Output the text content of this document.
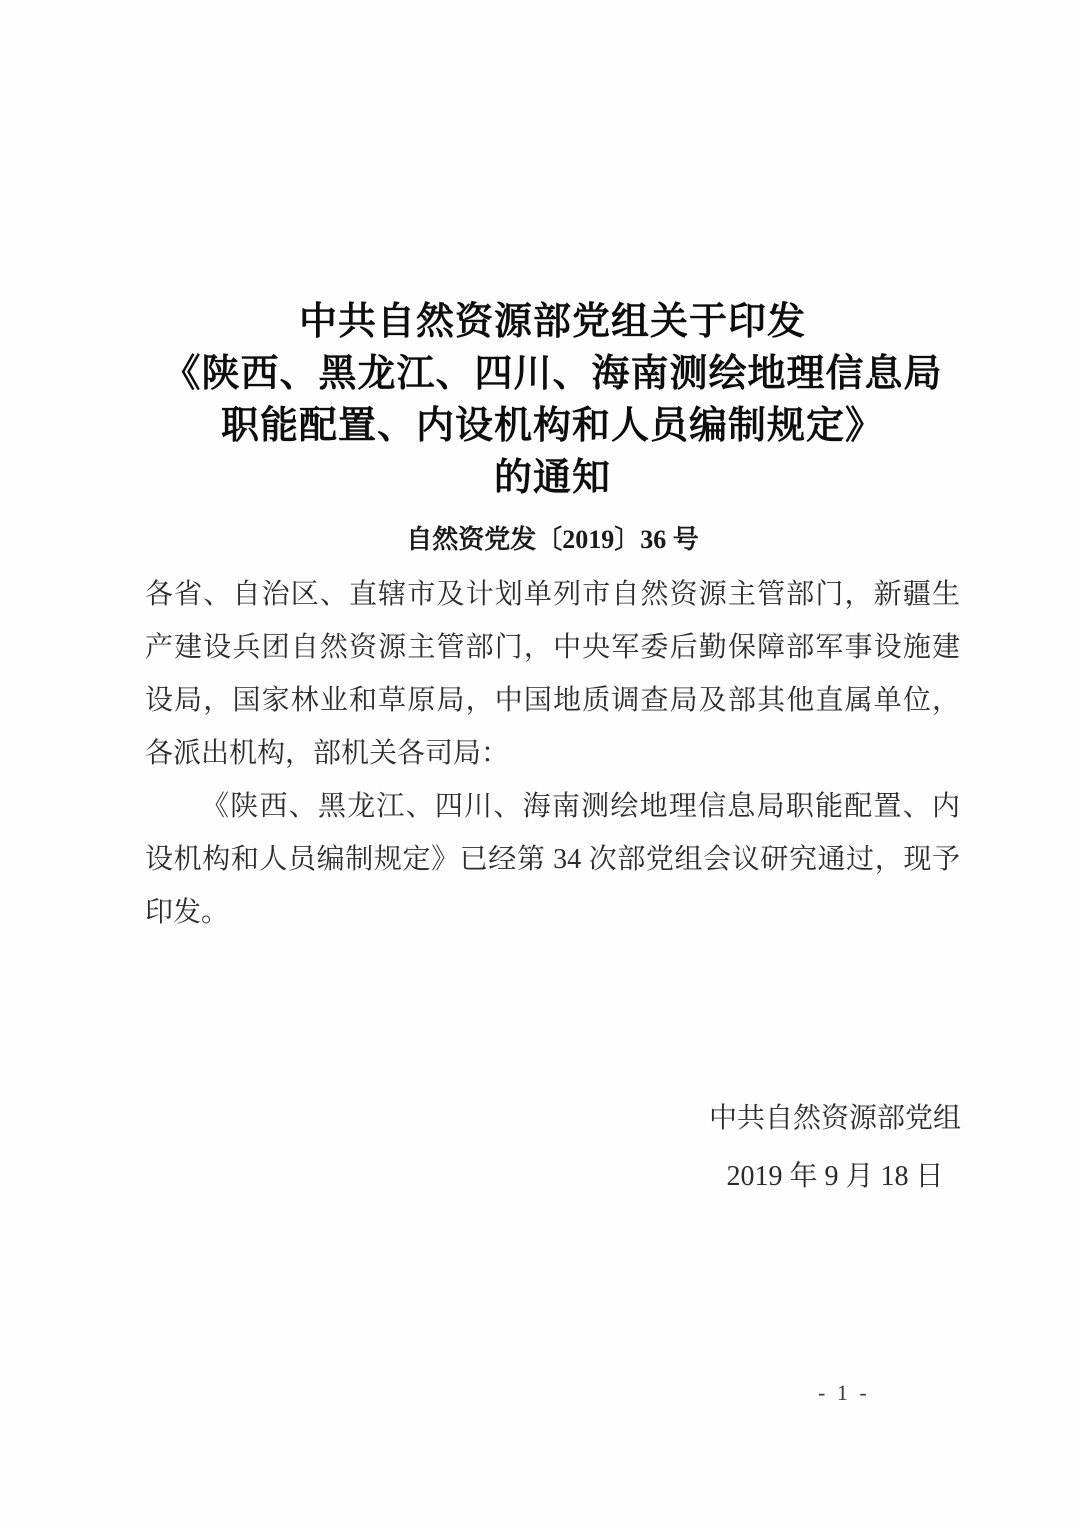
中共自然资源部党组关于印发
《陕西、黑龙江、四川、海南测绘地理信息局
职能配置、内设机构和人员编制规定》
的通知
自然资党发〔2019〕36 号
各省、自治区、直辖市及计划单列市自然资源主管部门，新疆生
产建设兵团自然资源主管部门，中央军委后勤保障部军事设施建
设局，国家林业和草原局，中国地质调查局及部其他直属单位，
各派出机构，部机关各司局：
《陕西、黑龙江、四川、海南测绘地理信息局职能配置、内
设机构和人员编制规定》已经第 34 次部党组会议研究通过，现予
印发。
中共自然资源部党组
2019 年 9 月 18 日
- 1 -
